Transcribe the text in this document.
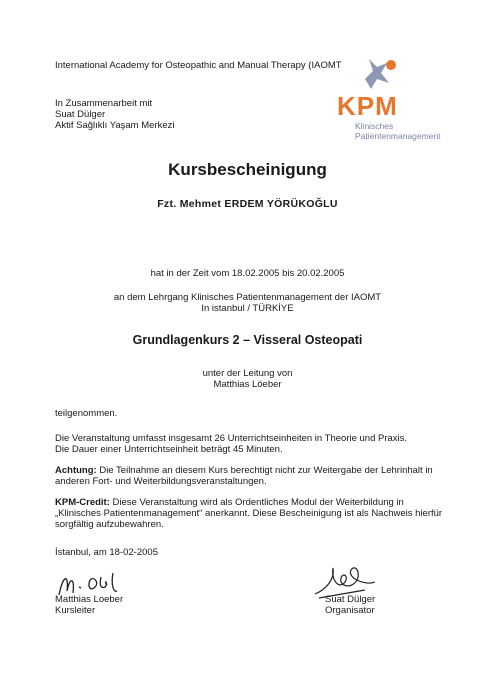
International Academy for Osteopathic and Manual Therapy (IAOMT
In Zusammenarbeit mit
Suat Dülger
Aktif Sağlıklı Yaşam Merkezi
KPM
Klinisches
Patientenmanagement
Kursbescheinigung
Fzt. Mehmet ERDEM YÖRÜKOĞLU
hat in der Zeit vom 18.02.2005 bis 20.02.2005
an dem Lehrgang Klinisches Patientenmanagement der IAOMT
In istanbul / TÜRKİYE
Grundlagenkurs 2 – Visseral Osteopati
unter der Leitung von
Matthias Löeber
teilgenommen.
Die Veranstaltung umfasst insgesamt 26 Unterrichtseinheiten in Theorie und Praxis.
Die Dauer einer Unterrichtseinheit beträgt 45 Minuten.
Achtung: Die Teilnahme an diesem Kurs berechtigt nicht zur Weitergabe der Lehrinhalt in
anderen Fort- und Weiterbildungsveranstaltungen.
KPM-Credit: Diese Veranstaltung wird als Ordentliches Modul der Weiterbildung in
„Klinisches Patientenmanagement“ anerkannt. Diese Bescheinigung ist als Nachweis hierfür
sorgfältig aufzubewahren.
İstanbul, am 18-02-2005
Matthias Loeber
Kursleiter
Suat Dülger
Organisator
